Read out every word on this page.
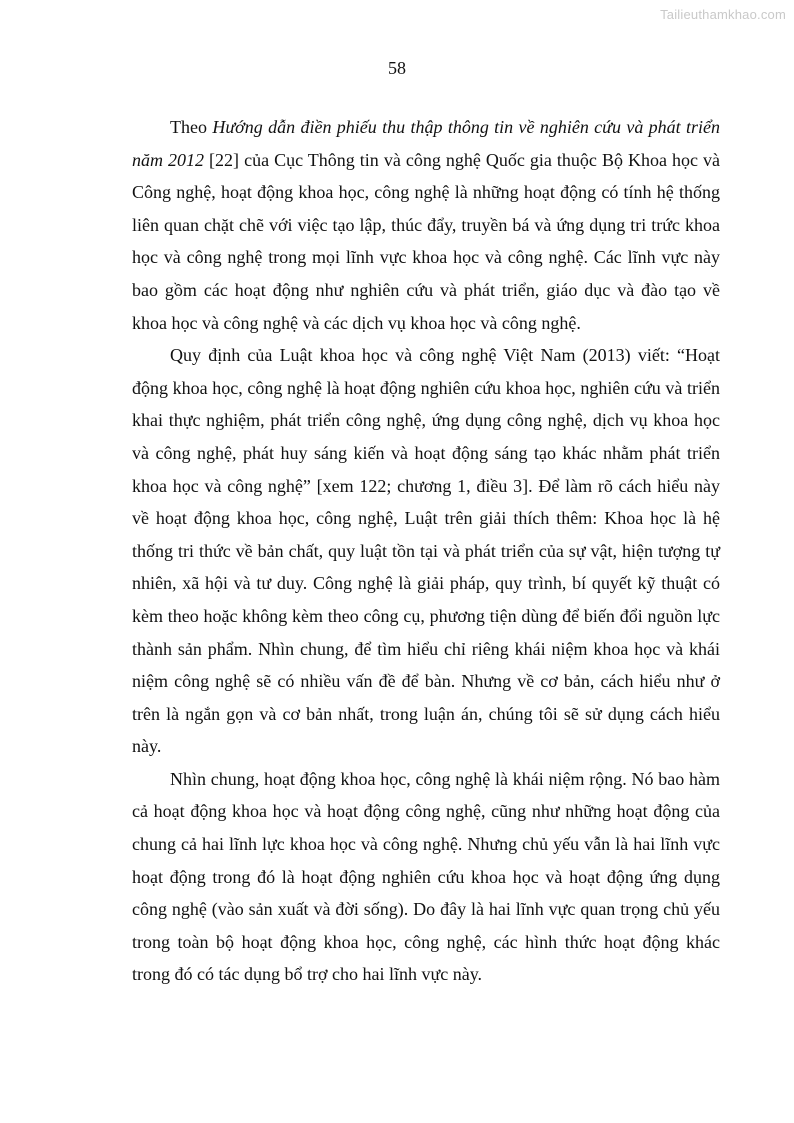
Tailieuthamkhao.com
58

Theo Hướng dẫn điền phiếu thu thập thông tin về nghiên cứu và phát triển năm 2012 [22] của Cục Thông tin và công nghệ Quốc gia thuộc Bộ Khoa học và Công nghệ, hoạt động khoa học, công nghệ là những hoạt động có tính hệ thống liên quan chặt chẽ với việc tạo lập, thúc đẩy, truyền bá và ứng dụng tri trức khoa học và công nghệ trong mọi lĩnh vực khoa học và công nghệ. Các lĩnh vực này bao gồm các hoạt động như nghiên cứu và phát triển, giáo dục và đào tạo về khoa học và công nghệ và các dịch vụ khoa học và công nghệ.

Quy định của Luật khoa học và công nghệ Việt Nam (2013) viết: “Hoạt động khoa học, công nghệ là hoạt động nghiên cứu khoa học, nghiên cứu và triển khai thực nghiệm, phát triển công nghệ, ứng dụng công nghệ, dịch vụ khoa học và công nghệ, phát huy sáng kiến và hoạt động sáng tạo khác nhằm phát triển khoa học và công nghệ” [xem 122; chương 1, điều 3]. Để làm rõ cách hiểu này về hoạt động khoa học, công nghệ, Luật trên giải thích thêm: Khoa học là hệ thống tri thức về bản chất, quy luật tồn tại và phát triển của sự vật, hiện tượng tự nhiên, xã hội và tư duy. Công nghệ là giải pháp, quy trình, bí quyết kỹ thuật có kèm theo hoặc không kèm theo công cụ, phương tiện dùng để biến đổi nguồn lực thành sản phẩm. Nhìn chung, để tìm hiểu chỉ riêng khái niệm khoa học và khái niệm công nghệ sẽ có nhiều vấn đề để bàn. Nhưng về cơ bản, cách hiểu như ở trên là ngắn gọn và cơ bản nhất, trong luận án, chúng tôi sẽ sử dụng cách hiểu này.

Nhìn chung, hoạt động khoa học, công nghệ là khái niệm rộng. Nó bao hàm cả hoạt động khoa học và hoạt động công nghệ, cũng như những hoạt động của chung cả hai lĩnh lực khoa học và công nghệ. Nhưng chủ yếu vẫn là hai lĩnh vực hoạt động trong đó là hoạt động nghiên cứu khoa học và hoạt động ứng dụng công nghệ (vào sản xuất và đời sống). Do đây là hai lĩnh vực quan trọng chủ yếu trong toàn bộ hoạt động khoa học, công nghệ, các hình thức hoạt động khác trong đó có tác dụng bổ trợ cho hai lĩnh vực này.
